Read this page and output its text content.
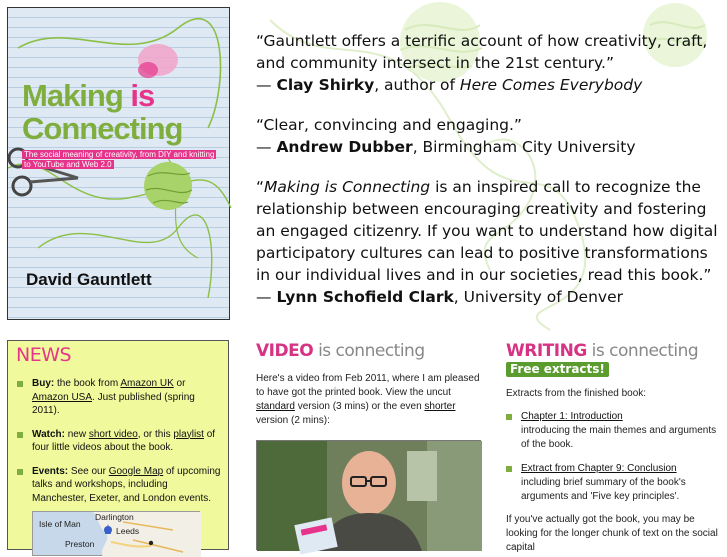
Making is
Connecting
The social meaning of creativity, from DIY and knitting to YouTube and Web 2.0
David Gauntlett
“Gauntlett offers a terrific account of how creativity, craft, and community intersect in the 21st century.”
— Clay Shirky, author of Here Comes Everybody
“Clear, convincing and engaging.”
— Andrew Dubber, Birmingham City University
“Making is Connecting is an inspired call to recognize the relationship between encouraging creativity and fostering an engaged citizenry. If you want to understand how digital participatory cultures can lead to positive transformations in our individual lives and in our societies, read this book.”
— Lynn Schofield Clark, University of Denver
NEWS
Buy: the book from Amazon UK or Amazon USA. Just published (spring 2011).
Watch: new short video, or this playlist of four little videos about the book.
Events: See our Google Map of upcoming talks and workshops, including Manchester, Exeter, and London events.
Darlington
Isle of Man
Leeds
Preston
VIDEO is connecting
Here's a video from Feb 2011, where I am pleased to have got the printed book. View the uncut standard version (3 mins) or the even shorter version (2 mins):
WRITING is connecting
Free extracts!
Extracts from the finished book:
Chapter 1: Introduction
introducing the main themes and arguments of the book.
Extract from Chapter 9: Conclusion
including brief summary of the book's arguments and 'Five key principles'.
If you've actually got the book, you may be looking for the longer chunk of text on the social capital
